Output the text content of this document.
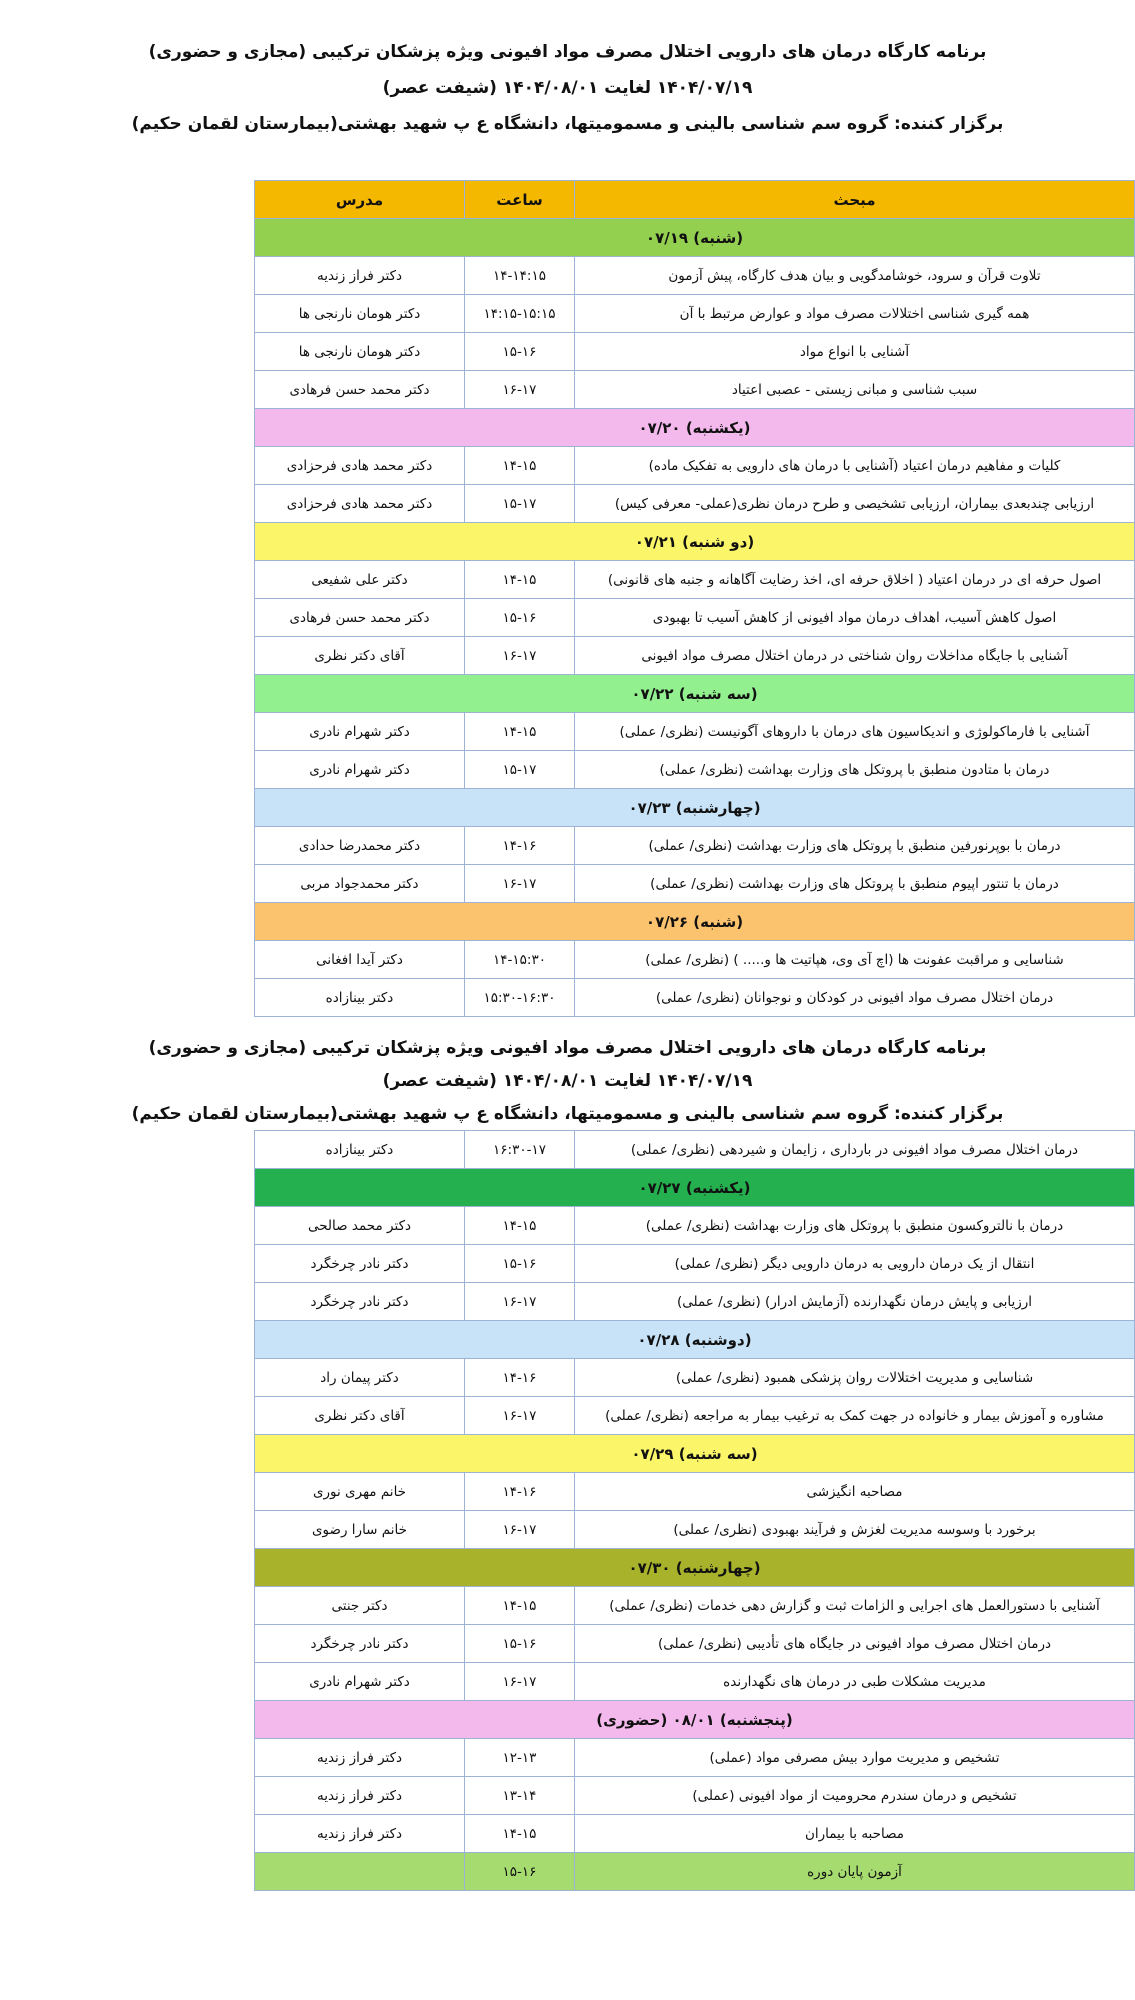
برنامه کارگاه درمان های دارویی اختلال مصرف مواد افیونی ویژه پزشکان ترکیبی (مجازی و حضوری)
۱۴۰۴/۰۷/۱۹ لغایت ۱۴۰۴/۰۸/۰۱ (شیفت عصر)
برگزار کننده: گروه سم شناسی بالینی و مسمومیتها، دانشگاه ع پ شهید بهشتی(بیمارستان لقمان حکیم)
مبحث	ساعت	مدرس
(شنبه) ۰۷/۱۹		
تلاوت قرآن و سرود، خوشامدگویی و بیان هدف کارگاه، پیش آزمون	۱۴-۱۴:۱۵	دکتر فراز زندیه
همه گیری شناسی اختلالات مصرف مواد و عوارض مرتبط با آن	۱۴:۱۵-۱۵:۱۵	دکتر هومان نارنجی ها
آشنایی با انواع مواد	۱۵-۱۶	دکتر هومان نارنجی ها
سبب شناسی و مبانی زیستی - عصبی اعتیاد	۱۶-۱۷	دکتر محمد حسن فرهادی
(یکشنبه) ۰۷/۲۰		
کلیات و مفاهیم درمان اعتیاد (آشنایی با درمان های دارویی به تفکیک ماده)	۱۴-۱۵	دکتر محمد هادی فرحزادی
ارزیابی چندبعدی بیماران، ارزیابی تشخیصی و طرح درمان نظری(عملی- معرفی کیس)	۱۵-۱۷	دکتر محمد هادی فرحزادی
(دو شنبه) ۰۷/۲۱		
اصول حرفه ای در درمان اعتیاد ( اخلاق حرفه ای، اخذ رضایت آگاهانه و جنبه های قانونی)	۱۴-۱۵	دکتر علی شفیعی
اصول کاهش آسیب، اهداف درمان مواد افیونی از کاهش آسیب تا بهبودی	۱۵-۱۶	دکتر محمد حسن فرهادی
آشنایی با جایگاه مداخلات روان شناختی در درمان اختلال مصرف مواد افیونی	۱۶-۱۷	آقای دکتر نظری
(سه شنبه) ۰۷/۲۲		
آشنایی با فارماکولوژی و اندیکاسیون های درمان با داروهای آگونیست (نظری/ عملی)	۱۴-۱۵	دکتر شهرام نادری
درمان با متادون منطبق با پروتکل های وزارت بهداشت (نظری/ عملی)	۱۵-۱۷	دکتر شهرام نادری
(چهارشنبه) ۰۷/۲۳		
درمان با بوپرنورفین منطبق با پروتکل های وزارت بهداشت (نظری/ عملی)	۱۴-۱۶	دکتر محمدرضا حدادی
درمان با تنتور اپیوم منطبق با پروتکل های وزارت بهداشت (نظری/ عملی)	۱۶-۱۷	دکتر محمدجواد مربی
(شنبه) ۰۷/۲۶		
شناسایی و مراقبت عفونت ها (اچ آی وی، هپاتیت ها و..... ) (نظری/ عملی)	۱۴-۱۵:۳۰	دکتر آیدا افغانی
درمان اختلال مصرف مواد افیونی در کودکان و نوجوانان (نظری/ عملی)	۱۵:۳۰-۱۶:۳۰	دکتر بینازاده
برنامه کارگاه درمان های دارویی اختلال مصرف مواد افیونی ویژه پزشکان ترکیبی (مجازی و حضوری)
۱۴۰۴/۰۷/۱۹ لغایت ۱۴۰۴/۰۸/۰۱ (شیفت عصر)
برگزار کننده: گروه سم شناسی بالینی و مسمومیتها، دانشگاه ع پ شهید بهشتی(بیمارستان لقمان حکیم)
درمان اختلال مصرف مواد افیونی در بارداری ، زایمان و شیردهی (نظری/ عملی)	۱۶:۳۰-۱۷	دکتر بینازاده
(یکشنبه) ۰۷/۲۷		
درمان با نالتروکسون منطبق با پروتکل های وزارت بهداشت (نظری/ عملی)	۱۴-۱۵	دکتر محمد صالحی
انتقال از یک درمان دارویی به درمان دارویی دیگر (نظری/ عملی)	۱۵-۱۶	دکتر نادر چرخگرد
ارزیابی و پایش درمان نگهدارنده (آزمایش ادرار) (نظری/ عملی)	۱۶-۱۷	دکتر نادر چرخگرد
(دوشنبه) ۰۷/۲۸		
شناسایی و مدیریت اختلالات روان پزشکی همبود (نظری/ عملی)	۱۴-۱۶	دکتر پیمان راد
مشاوره و آموزش بیمار و خانواده در جهت کمک به ترغیب بیمار به مراجعه (نظری/ عملی)	۱۶-۱۷	آقای دکتر نظری
(سه شنبه) ۰۷/۲۹		
مصاحبه انگیزشی	۱۴-۱۶	خانم مهری نوری
برخورد با وسوسه مدیریت لغزش و فرآیند بهبودی (نظری/ عملی)	۱۶-۱۷	خانم سارا رضوی
(چهارشنبه) ۰۷/۳۰		
آشنایی با دستورالعمل های اجرایی و الزامات ثبت و گزارش دهی خدمات (نظری/ عملی)	۱۴-۱۵	دکتر جنتی
درمان اختلال مصرف مواد افیونی در جایگاه های تأدیبی (نظری/ عملی)	۱۵-۱۶	دکتر نادر چرخگرد
مدیریت مشکلات طبی در درمان های نگهدارنده	۱۶-۱۷	دکتر شهرام نادری
(پنجشنبه) ۰۸/۰۱ (حضوری)		
تشخیص و مدیریت موارد بیش مصرفی مواد (عملی)	۱۲-۱۳	دکتر فراز زندیه
تشخیص و درمان سندرم محرومیت از مواد افیونی (عملی)	۱۳-۱۴	دکتر فراز زندیه
مصاحبه با بیماران	۱۴-۱۵	دکتر فراز زندیه
آزمون پایان دوره	۱۵-۱۶	
